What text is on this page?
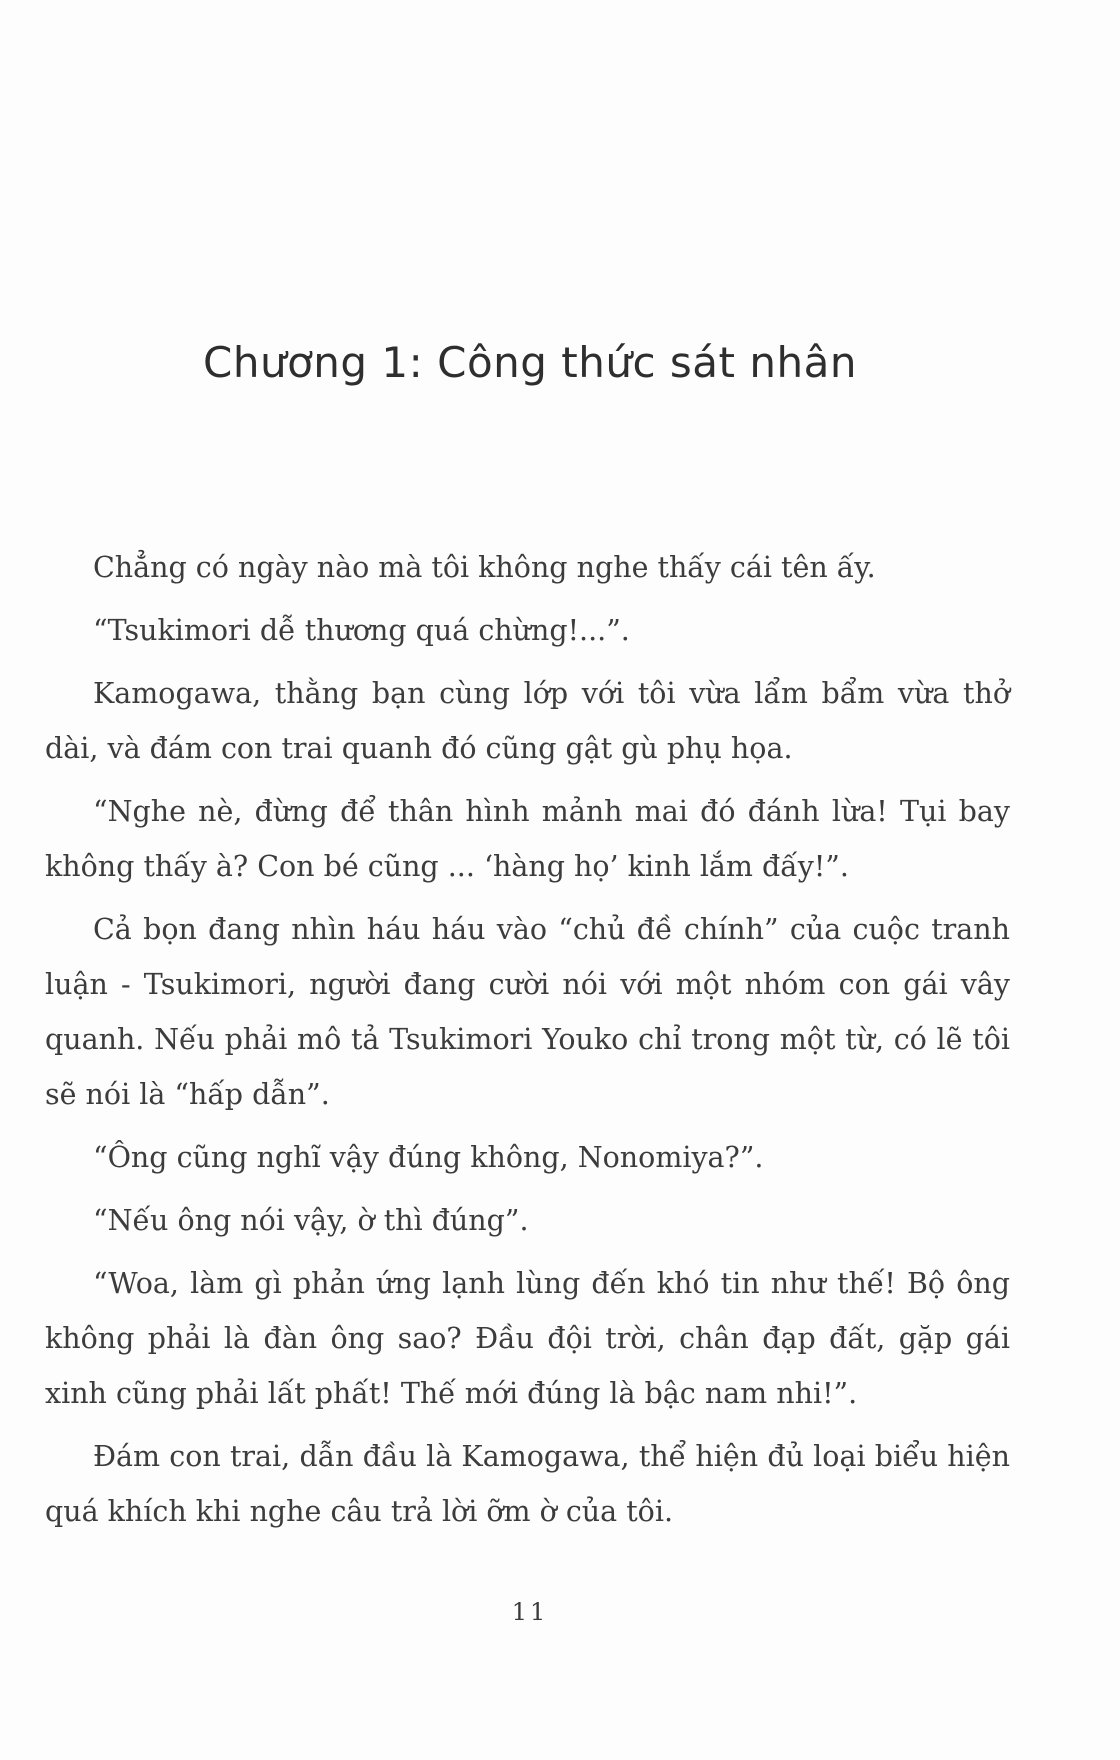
Chương 1: Công thức sát nhân

Chẳng có ngày nào mà tôi không nghe thấy cái tên ấy.

“Tsukimori dễ thương quá chừng!...”.

Kamogawa, thằng bạn cùng lớp với tôi vừa lẩm bẩm vừa thở dài, và đám con trai quanh đó cũng gật gù phụ họa.

“Nghe nè, đừng để thân hình mảnh mai đó đánh lừa! Tụi bay không thấy à? Con bé cũng ... ‘hàng họ’ kinh lắm đấy!”.

Cả bọn đang nhìn háu háu vào “chủ đề chính” của cuộc tranh luận - Tsukimori, người đang cười nói với một nhóm con gái vây quanh. Nếu phải mô tả Tsukimori Youko chỉ trong một từ, có lẽ tôi sẽ nói là “hấp dẫn”.

“Ông cũng nghĩ vậy đúng không, Nonomiya?”.

“Nếu ông nói vậy, ờ thì đúng”.

“Woa, làm gì phản ứng lạnh lùng đến khó tin như thế! Bộ ông không phải là đàn ông sao? Đầu đội trời, chân đạp đất, gặp gái xinh cũng phải lất phất! Thế mới đúng là bậc nam nhi!”.

Đám con trai, dẫn đầu là Kamogawa, thể hiện đủ loại biểu hiện quá khích khi nghe câu trả lời ỡm ờ của tôi.

11
